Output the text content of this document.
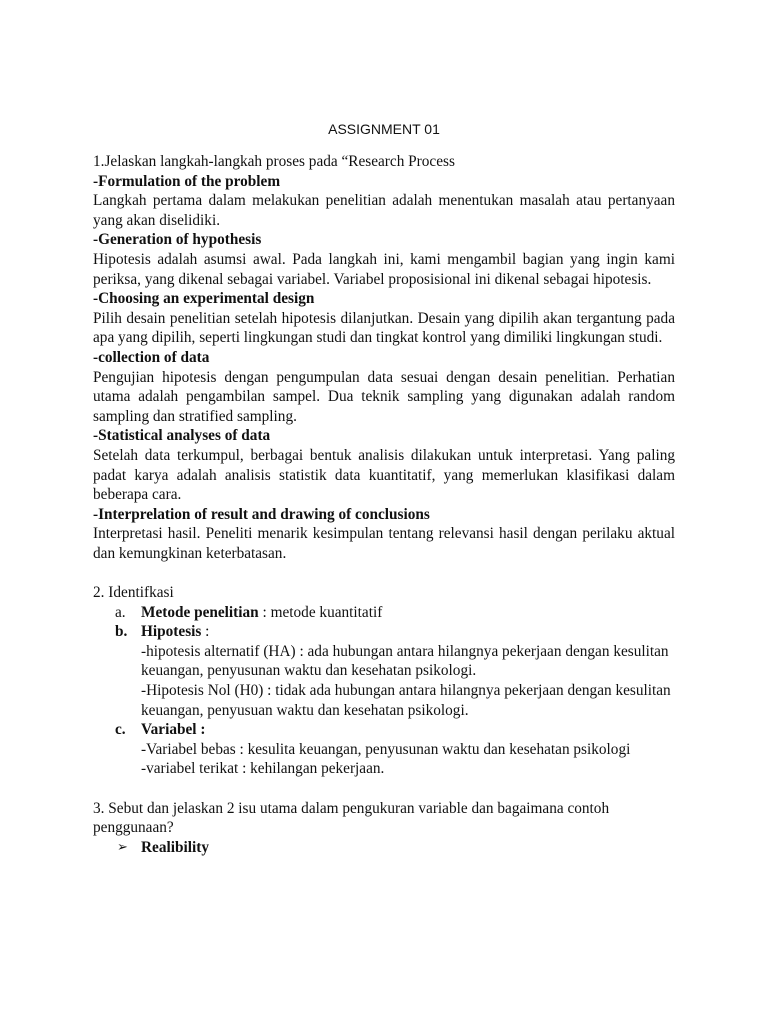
ASSIGNMENT 01

1.Jelaskan langkah-langkah proses pada “Research Process

-Formulation of the problem

Langkah pertama dalam melakukan penelitian adalah menentukan masalah atau pertanyaan yang akan diselidiki.

-Generation of hypothesis

Hipotesis adalah asumsi awal. Pada langkah ini, kami mengambil bagian yang ingin kami periksa, yang dikenal sebagai variabel. Variabel proposisional ini dikenal sebagai hipotesis.

-Choosing an experimental design

Pilih desain penelitian setelah hipotesis dilanjutkan. Desain yang dipilih akan tergantung pada apa yang dipilih, seperti lingkungan studi dan tingkat kontrol yang dimiliki lingkungan studi.

-collection of data

Pengujian hipotesis dengan pengumpulan data sesuai dengan desain penelitian. Perhatian utama adalah pengambilan sampel. Dua teknik sampling yang digunakan adalah random sampling dan stratified sampling.

-Statistical analyses of data

Setelah data terkumpul, berbagai bentuk analisis dilakukan untuk interpretasi. Yang paling padat karya adalah analisis statistik data kuantitatif, yang memerlukan klasifikasi dalam beberapa cara.

-Interprelation of result and drawing of conclusions

Interpretasi hasil. Peneliti menarik kesimpulan tentang relevansi hasil dengan perilaku aktual dan kemungkinan keterbatasan.

2. Identifkasi

a. Metode penelitian : metode kuantitatif

b. Hipotesis :

-hipotesis alternatif (HA) : ada hubungan antara hilangnya pekerjaan dengan kesulitan keuangan, penyusunan waktu dan kesehatan psikologi.

-Hipotesis Nol (H0) : tidak ada hubungan antara hilangnya pekerjaan dengan kesulitan keuangan, penyusuan waktu dan kesehatan psikologi.

c. Variabel :

-Variabel bebas : kesulita keuangan, penyusunan waktu dan kesehatan psikologi

-variabel terikat : kehilangan pekerjaan.

3. Sebut dan jelaskan 2 isu utama dalam pengukuran variable dan bagaimana contoh penggunaan?

➢ Realibility
